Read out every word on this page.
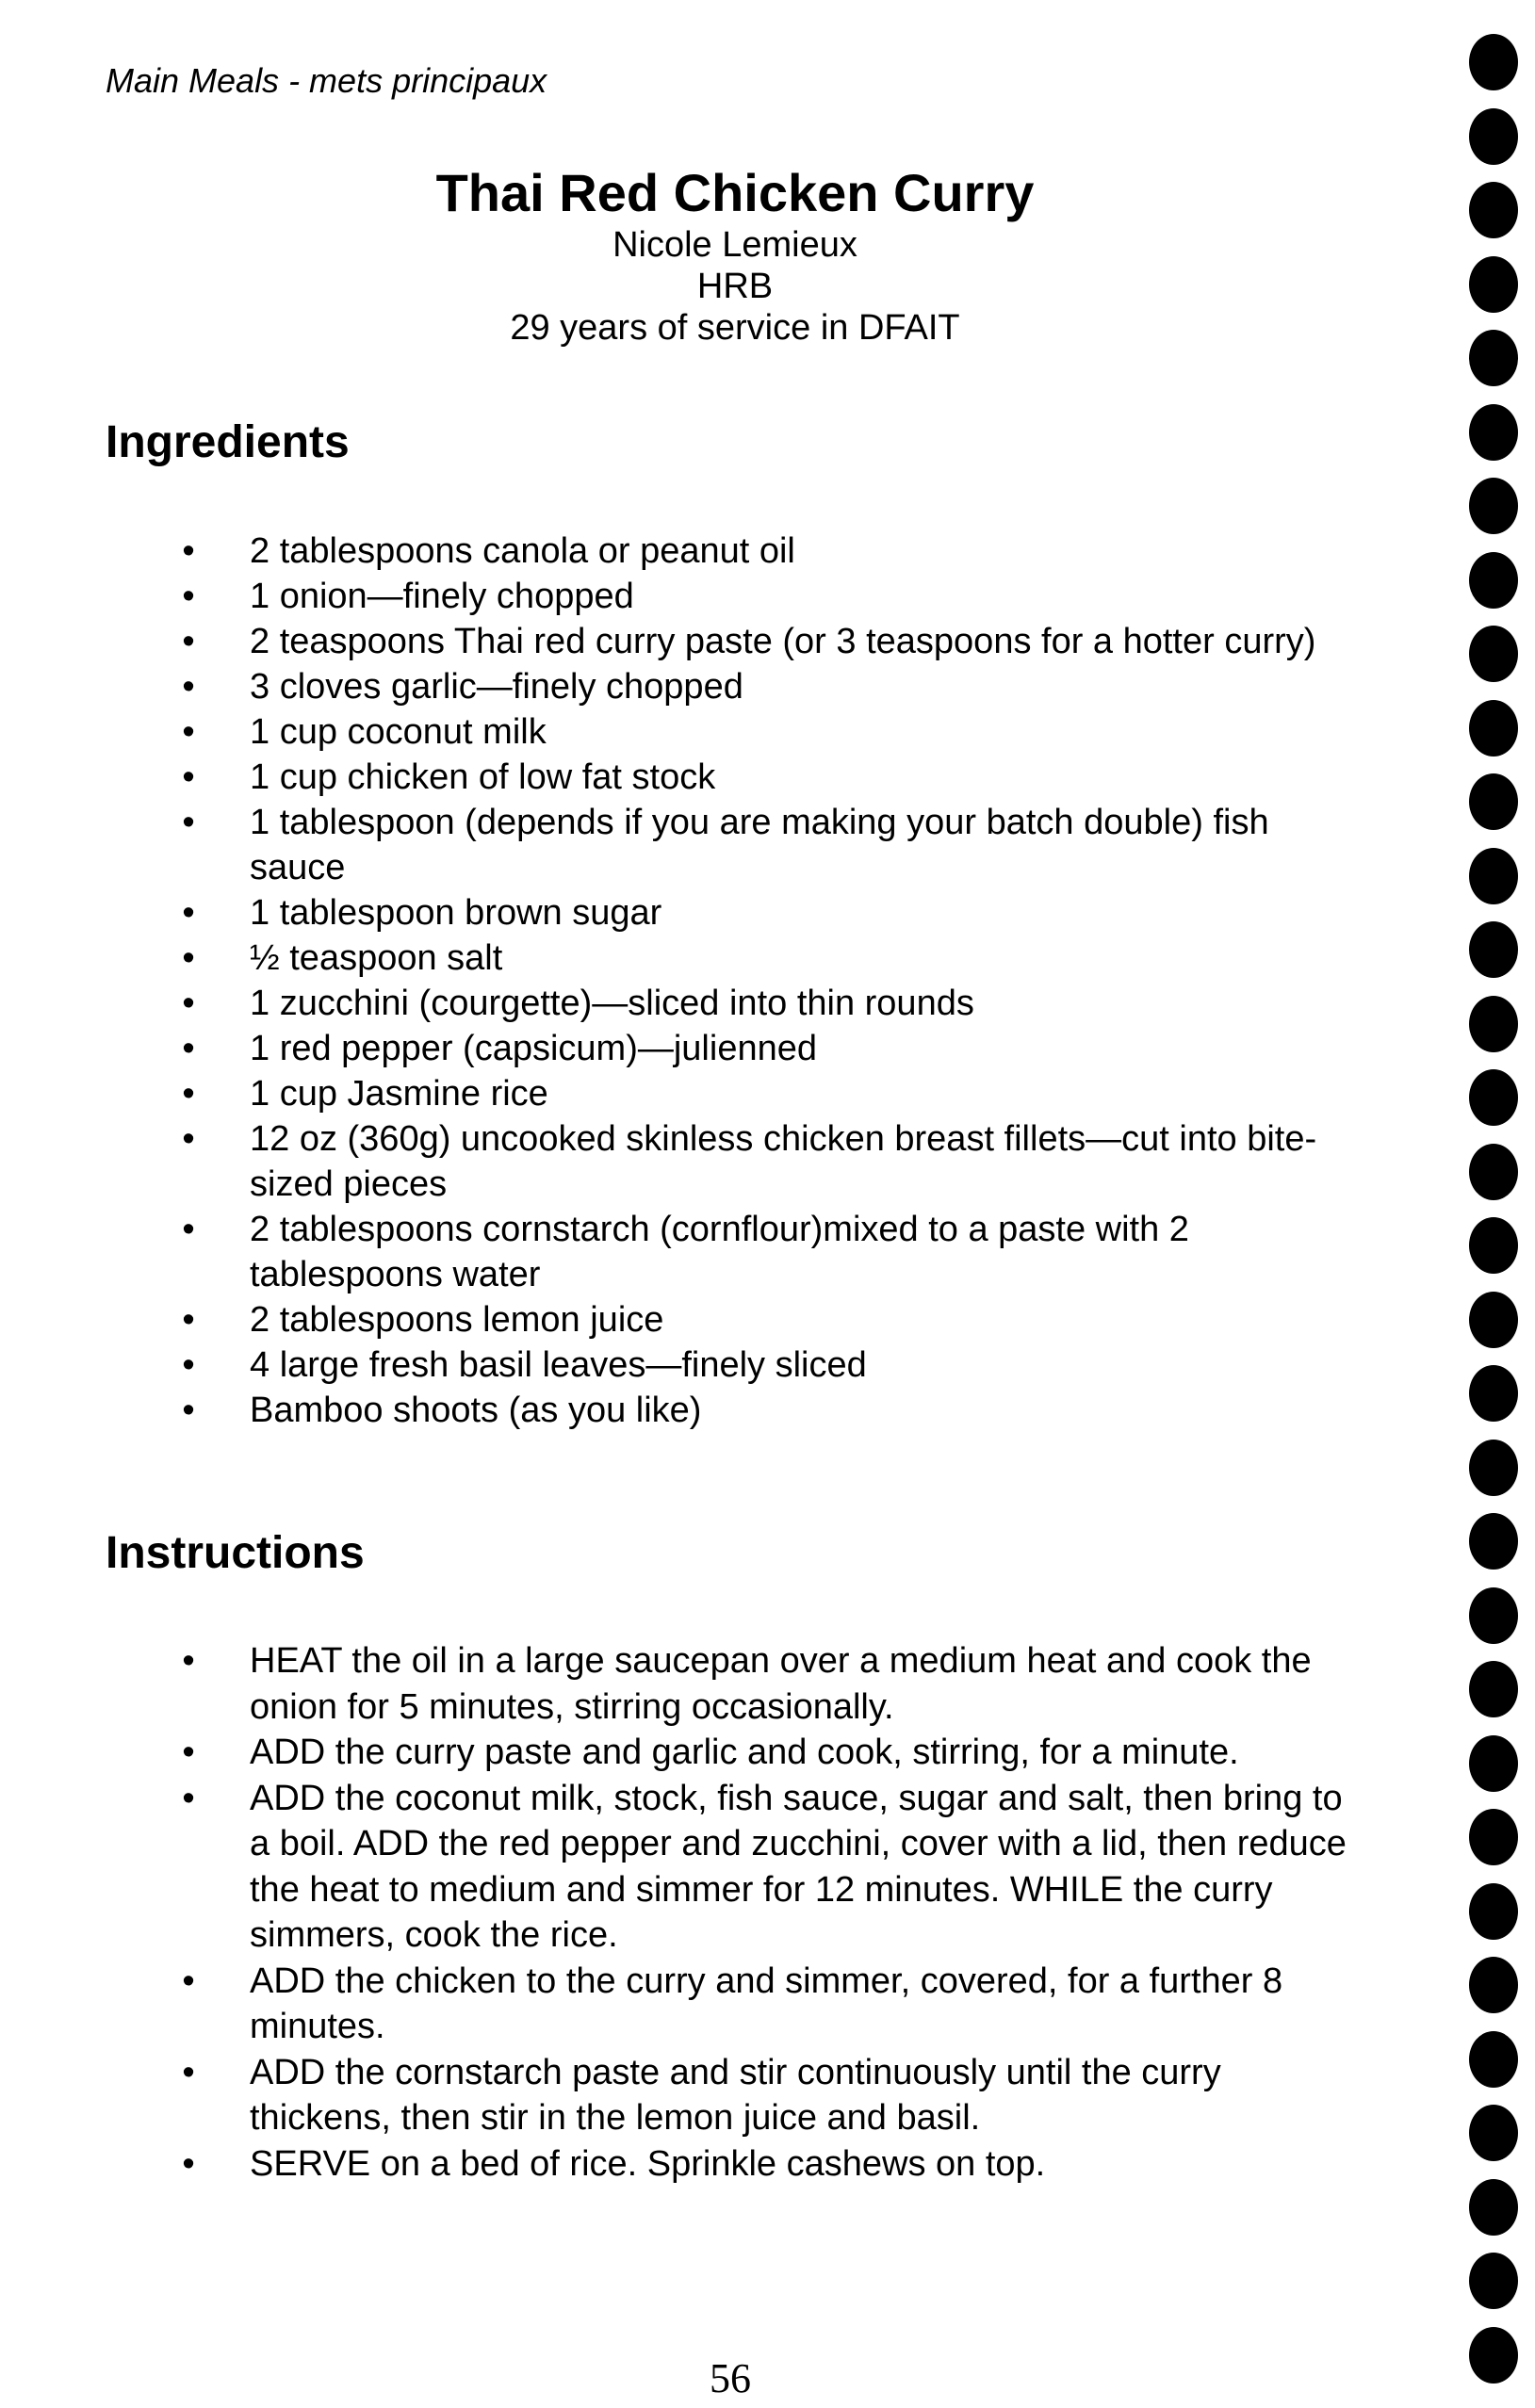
Main Meals - mets principaux
Thai Red Chicken Curry
Nicole Lemieux
HRB
29 years of service in DFAIT
Ingredients
• 2 tablespoons canola or peanut oil
• 1 onion—finely chopped
• 2 teaspoons Thai red curry paste (or 3 teaspoons for a hotter curry)
• 3 cloves garlic—finely chopped
• 1 cup coconut milk
• 1 cup chicken of low fat stock
• 1 tablespoon (depends if you are making your batch double) fish sauce
• 1 tablespoon brown sugar
• ½ teaspoon salt
• 1 zucchini (courgette)—sliced into thin rounds
• 1 red pepper (capsicum)—julienned
• 1 cup Jasmine rice
• 12 oz (360g) uncooked skinless chicken breast fillets—cut into bite-sized pieces
• 2 tablespoons cornstarch (cornflour)mixed to a paste with 2 tablespoons water
• 2 tablespoons lemon juice
• 4 large fresh basil leaves—finely sliced
• Bamboo shoots (as you like)
Instructions
• HEAT the oil in a large saucepan over a medium heat and cook the onion for 5 minutes, stirring occasionally.
• ADD the curry paste and garlic and cook, stirring, for a minute.
• ADD the coconut milk, stock, fish sauce, sugar and salt, then bring to a boil. ADD the red pepper and zucchini, cover with a lid, then reduce the heat to medium and simmer for 12 minutes. WHILE the curry simmers, cook the rice.
• ADD the chicken to the curry and simmer, covered, for a further 8 minutes.
• ADD the cornstarch paste and stir continuously until the curry thickens, then stir in the lemon juice and basil.
• SERVE on a bed of rice. Sprinkle cashews on top.
56
